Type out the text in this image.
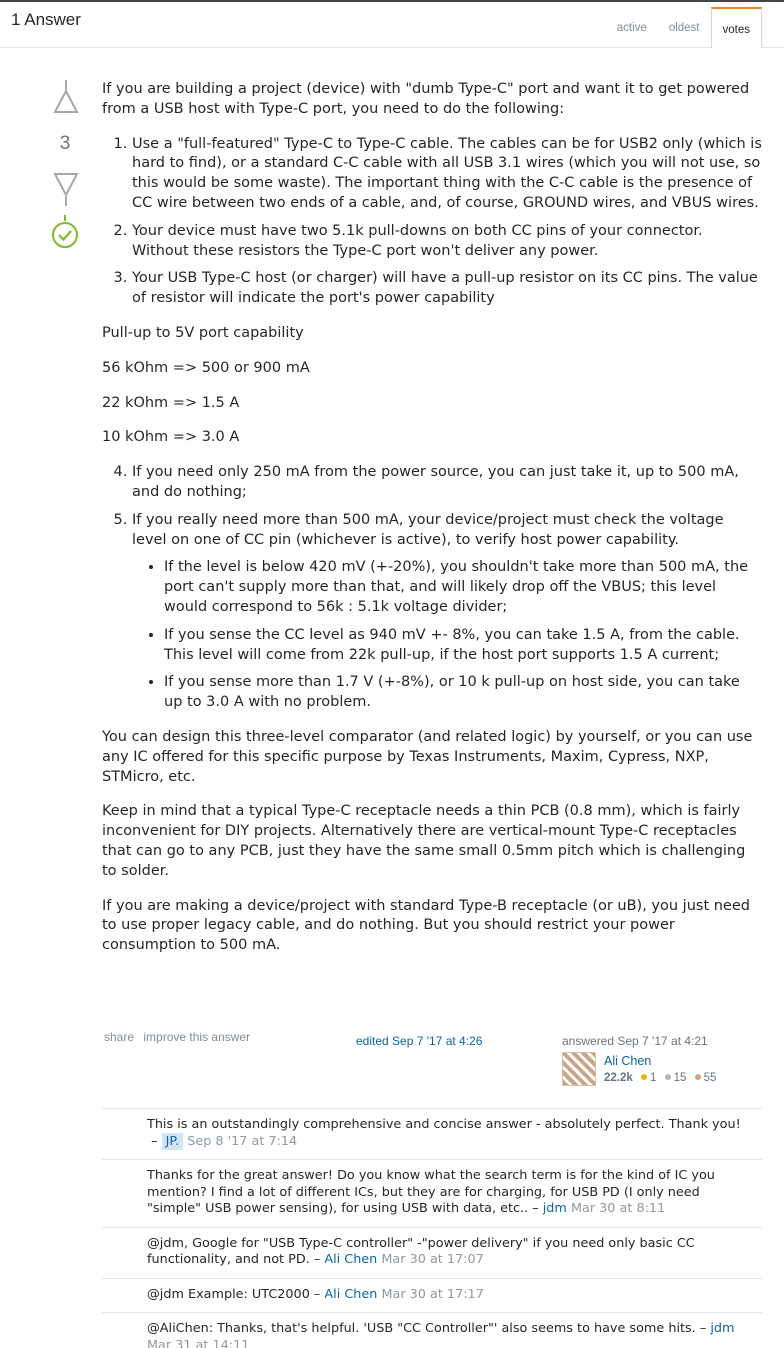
1 Answer	active	oldest	votes
3

If you are building a project (device) with "dumb Type-C" port and want it to get powered from a USB host with Type-C port, you need to do the following:

1. Use a "full-featured" Type-C to Type-C cable. The cables can be for USB2 only (which is hard to find), or a standard C-C cable with all USB 3.1 wires (which you will not use, so this would be some waste). The important thing with the C-C cable is the presence of CC wire between two ends of a cable, and, of course, GROUND wires, and VBUS wires.
2. Your device must have two 5.1k pull-downs on both CC pins of your connector. Without these resistors the Type-C port won't deliver any power.
3. Your USB Type-C host (or charger) will have a pull-up resistor on its CC pins. The value of resistor will indicate the port's power capability

Pull-up to 5V port capability

56 kOhm => 500 or 900 mA

22 kOhm => 1.5 A

10 kOhm => 3.0 A

4. If you need only 250 mA from the power source, you can just take it, up to 500 mA, and do nothing;
5. If you really need more than 500 mA, your device/project must check the voltage level on one of CC pin (whichever is active), to verify host power capability.
• If the level is below 420 mV (+-20%), you shouldn't take more than 500 mA, the port can't supply more than that, and will likely drop off the VBUS; this level would correspond to 56k : 5.1k voltage divider;
• If you sense the CC level as 940 mV +- 8%, you can take 1.5 A, from the cable. This level will come from 22k pull-up, if the host port supports 1.5 A current;
• If you sense more than 1.7 V (+-8%), or 10 k pull-up on host side, you can take up to 3.0 A with no problem.

You can design this three-level comparator (and related logic) by yourself, or you can use any IC offered for this specific purpose by Texas Instruments, Maxim, Cypress, NXP, STMicro, etc.

Keep in mind that a typical Type-C receptacle needs a thin PCB (0.8 mm), which is fairly inconvenient for DIY projects. Alternatively there are vertical-mount Type-C receptacles that can go to any PCB, just they have the same small 0.5mm pitch which is challenging to solder.

If you are making a device/project with standard Type-B receptacle (or uB), you just need to use proper legacy cable, and do nothing. But you should restrict your power consumption to 500 mA.

share improve this answer	edited Sep 7 '17 at 4:26	answered Sep 7 '17 at 4:21
Ali Chen
22.2k 1 15 55
This is an outstandingly comprehensive and concise answer - absolutely perfect. Thank you!  – JP. Sep 8 '17 at 7:14
Thanks for the great answer! Do you know what the search term is for the kind of IC you mention? I find a lot of different ICs, but they are for charging, for USB PD (I only need "simple" USB power sensing), for using USB with data, etc.. – jdm Mar 30 at 8:11
@jdm, Google for "USB Type-C controller" -"power delivery" if you need only basic CC functionality, and not PD. – Ali Chen Mar 30 at 17:07
@jdm Example: UTC2000 – Ali Chen Mar 30 at 17:17
@AliChen: Thanks, that's helpful. 'USB "CC Controller"' also seems to have some hits. – jdm Mar 31 at 14:11
